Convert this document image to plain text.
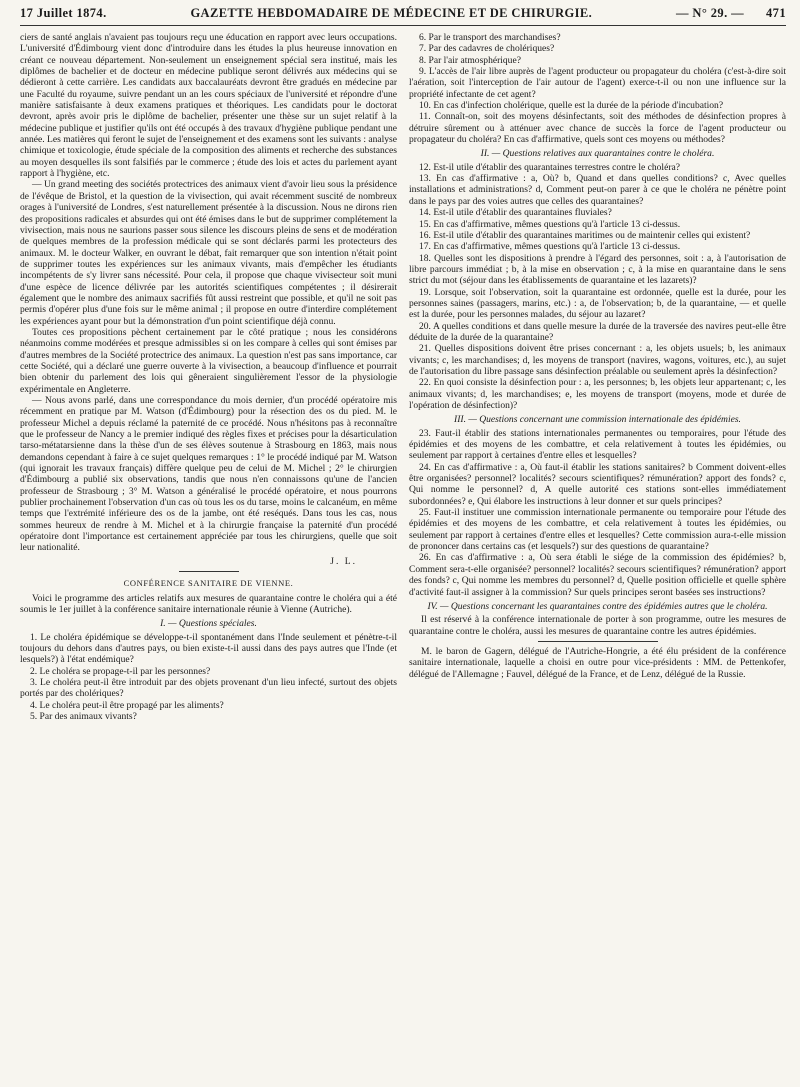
17 Juillet 1874.	GAZETTE HEBDOMADAIRE DE MÉDECINE ET DE CHIRURGIE.	— N° 29. — 471

ciers de santé anglais n'avaient pas toujours reçu une éducation en rapport avec leurs occupations. L'université d'Édimbourg vient donc d'introduire dans les études la plus heureuse innovation en créant ce nouveau département. Non-seulement un enseignement spécial sera institué, mais les diplômes de bachelier et de docteur en médecine publique seront délivrés aux médecins qui se dédieront à cette carrière. Les candidats aux baccalauréats devront être gradués en médecine par une Faculté du royaume, suivre pendant un an les cours spéciaux de l'université et répondre d'une manière satisfaisante à deux examens pratiques et théoriques. Les candidats pour le doctorat devront, après avoir pris le diplôme de bachelier, présenter une thèse sur un sujet relatif à la médecine publique et justifier qu'ils ont été occupés à des travaux d'hygiène publique pendant une année. Les matières qui feront le sujet de l'enseignement et des examens sont les suivants : analyse chimique et toxicologie, étude spéciale de la composition des aliments et recherche des substances au moyen desquelles ils sont falsifiés par le commerce ; étude des lois et actes du parlement ayant rapport à l'hygiène, etc.

— Un grand meeting des sociétés protectrices des animaux vient d'avoir lieu sous la présidence de l'évêque de Bristol, et la question de la vivisection, qui avait récemment suscité de nombreux orages à l'université de Londres, s'est naturellement présentée à la discussion. Nous ne dirons rien des propositions radicales et absurdes qui ont été émises dans le but de supprimer complétement la vivisection, mais nous ne saurions passer sous silence les discours pleins de sens et de modération de quelques membres de la profession médicale qui se sont déclarés parmi les protecteurs des animaux. M. le docteur Walker, en ouvrant le débat, fait remarquer que son intention n'était point de supprimer toutes les expériences sur les animaux vivants, mais d'empêcher les étudiants incompétents de s'y livrer sans nécessité. Pour cela, il propose que chaque vivisecteur soit muni d'une espèce de licence délivrée par les autorités scientifiques compétentes ; il désirerait également que le nombre des animaux sacrifiés fût aussi restreint que possible, et qu'il ne soit pas permis d'opérer plus d'une fois sur le même animal ; il propose en outre d'interdire complétement les expériences ayant pour but la démonstration d'un point scientifique déjà connu.

Toutes ces propositions pèchent certainement par le côté pratique ; nous les considérons néanmoins comme modérées et presque admissibles si on les compare à celles qui sont émises par d'autres membres de la Société protectrice des animaux. La question n'est pas sans importance, car cette Société, qui a déclaré une guerre ouverte à la vivisection, a beaucoup d'influence et pourrait bien obtenir du parlement des lois qui gêneraient singulièrement l'essor de la physiologie expérimentale en Angleterre.

— Nous avons parlé, dans une correspondance du mois dernier, d'un procédé opératoire mis récemment en pratique par M. Watson (d'Édimbourg) pour la résection des os du pied. M. le professeur Michel a depuis réclamé la paternité de ce procédé. Nous n'hésitons pas à reconnaître que le professeur de Nancy a le premier indiqué des règles fixes et précises pour la désarticulation tarso-métatarsienne dans la thèse d'un de ses élèves soutenue à Strasbourg en 1863, mais nous demandons cependant à faire à ce sujet quelques remarques : 1° le procédé indiqué par M. Watson (qui ignorait les travaux français) diffère quelque peu de celui de M. Michel ; 2° le chirurgien d'Édimbourg a publié six observations, tandis que nous n'en connaissons qu'une de l'ancien professeur de Strasbourg ; 3° M. Watson a généralisé le procédé opératoire, et nous pourrons publier prochainement l'observation d'un cas où tous les os du tarse, moins le calcanéum, en même temps que l'extrémité inférieure des os de la jambe, ont été reséqués. Dans tous les cas, nous sommes heureux de rendre à M. Michel et à la chirurgie française la paternité d'un procédé opératoire dont l'importance est certainement appréciée par tous les chirurgiens, quelle que soit leur nationalité.

J. L.
CONFÉRENCE SANITAIRE DE VIENNE.

Voici le programme des articles relatifs aux mesures de quarantaine contre le choléra qui a été soumis le 1er juillet à la conférence sanitaire internationale réunie à Vienne (Autriche).

I. — Questions spéciales.

1. Le choléra épidémique se développe-t-il spontanément dans l'Inde seulement et pénètre-t-il toujours du dehors dans d'autres pays, ou bien existe-t-il aussi dans des pays autres que l'Inde (et lesquels?) à l'état endémique?

2. Le choléra se propage-t-il par les personnes?

3. Le choléra peut-il être introduit par des objets provenant d'un lieu infecté, surtout des objets portés par des cholériques?

4. Le choléra peut-il être propagé par les aliments?

5. Par des animaux vivants?

6. Par le transport des marchandises?

7. Par des cadavres de cholériques?

8. Par l'air atmosphérique?

9. L'accès de l'air libre auprès de l'agent producteur ou propagateur du choléra (c'est-à-dire soit l'aération, soit l'interception de l'air autour de l'agent) exerce-t-il ou non une influence sur la propriété infectante de cet agent?

10. En cas d'infection cholérique, quelle est la durée de la période d'incubation?

11. Connaît-on, soit des moyens désinfectants, soit des méthodes de désinfection propres à détruire sûrement ou à atténuer avec chance de succès la force de l'agent producteur ou propagateur du choléra? En cas d'affirmative, quels sont ces moyens ou méthodes?

II. — Questions relatives aux quarantaines contre le choléra.

12. Est-il utile d'établir des quarantaines terrestres contre le choléra?

13. En cas d'affirmative : a, Où? b, Quand et dans quelles conditions? c, Avec quelles installations et administrations? d, Comment peut-on parer à ce que le choléra ne pénètre point dans le pays par des voies autres que celles des quarantaines?

14. Est-il utile d'établir des quarantaines fluviales?

15. En cas d'affirmative, mêmes questions qu'à l'article 13 ci-dessus.

16. Est-il utile d'établir des quarantaines maritimes ou de maintenir celles qui existent?

17. En cas d'affirmative, mêmes questions qu'à l'article 13 ci-dessus.

18. Quelles sont les dispositions à prendre à l'égard des personnes, soit : a, à l'autorisation de libre parcours immédiat ; b, à la mise en observation ; c, à la mise en quarantaine dans le sens strict du mot (séjour dans les établissements de quarantaine et les lazarets)?

19. Lorsque, soit l'observation, soit la quarantaine est ordonnée, quelle est la durée, pour les personnes saines (passagers, marins, etc.) : a, de l'observation; b, de la quarantaine, — et quelle est la durée, pour les personnes malades, du séjour au lazaret?

20. A quelles conditions et dans quelle mesure la durée de la traversée des navires peut-elle être déduite de la durée de la quarantaine?

21. Quelles dispositions doivent être prises concernant : a, les objets usuels; b, les animaux vivants; c, les marchandises; d, les moyens de transport (navires, wagons, voitures, etc.), au sujet de l'autorisation du libre passage sans désinfection préalable ou seulement après la désinfection?

22. En quoi consiste la désinfection pour : a, les personnes; b, les objets leur appartenant; c, les animaux vivants; d, les marchandises; e, les moyens de transport (moyens, mode et durée de l'opération de désinfection)?

III. — Questions concernant une commission internationale des épidémies.

23. Faut-il établir des stations internationales permanentes ou temporaires, pour l'étude des épidémies et des moyens de les combattre, et cela relativement à toutes les épidémies, ou seulement par rapport à certaines d'entre elles et lesquelles?

24. En cas d'affirmative : a, Où faut-il établir les stations sanitaires? b Comment doivent-elles être organisées? personnel? localités? secours scientifiques? rémunération? apport des fonds? c, Qui nomme le personnel? d, A quelle autorité ces stations sont-elles immédiatement subordonnées? e, Qui élabore les instructions à leur donner et sur quels principes?

25. Faut-il instituer une commission internationale permanente ou temporaire pour l'étude des épidémies et des moyens de les combattre, et cela relativement à toutes les épidémies, ou seulement par rapport à certaines d'entre elles et lesquelles? Cette commission aura-t-elle mission de prononcer dans certains cas (et lesquels?) sur des questions de quarantaine?

26. En cas d'affirmative : a, Où sera établi le siége de la commission des épidémies? b, Comment sera-t-elle organisée? personnel? localités? secours scientifiques? rémunération? apport des fonds? c, Qui nomme les membres du personnel? d, Quelle position officielle et quelle sphère d'activité faut-il assigner à la commission? Sur quels principes seront basées ses instructions?

IV. — Questions concernant les quarantaines contre des épidémies autres que le choléra.

Il est réservé à la conférence internationale de porter à son programme, outre les mesures de quarantaine contre le choléra, aussi les mesures de quarantaine contre les autres épidémies.

M. le baron de Gagern, délégué de l'Autriche-Hongrie, a été élu président de la conférence sanitaire internationale, laquelle a choisi en outre pour vice-présidents : MM. de Pettenkofer, délégué de l'Allemagne ; Fauvel, délégué de la France, et de Lenz, délégué de la Russie.
